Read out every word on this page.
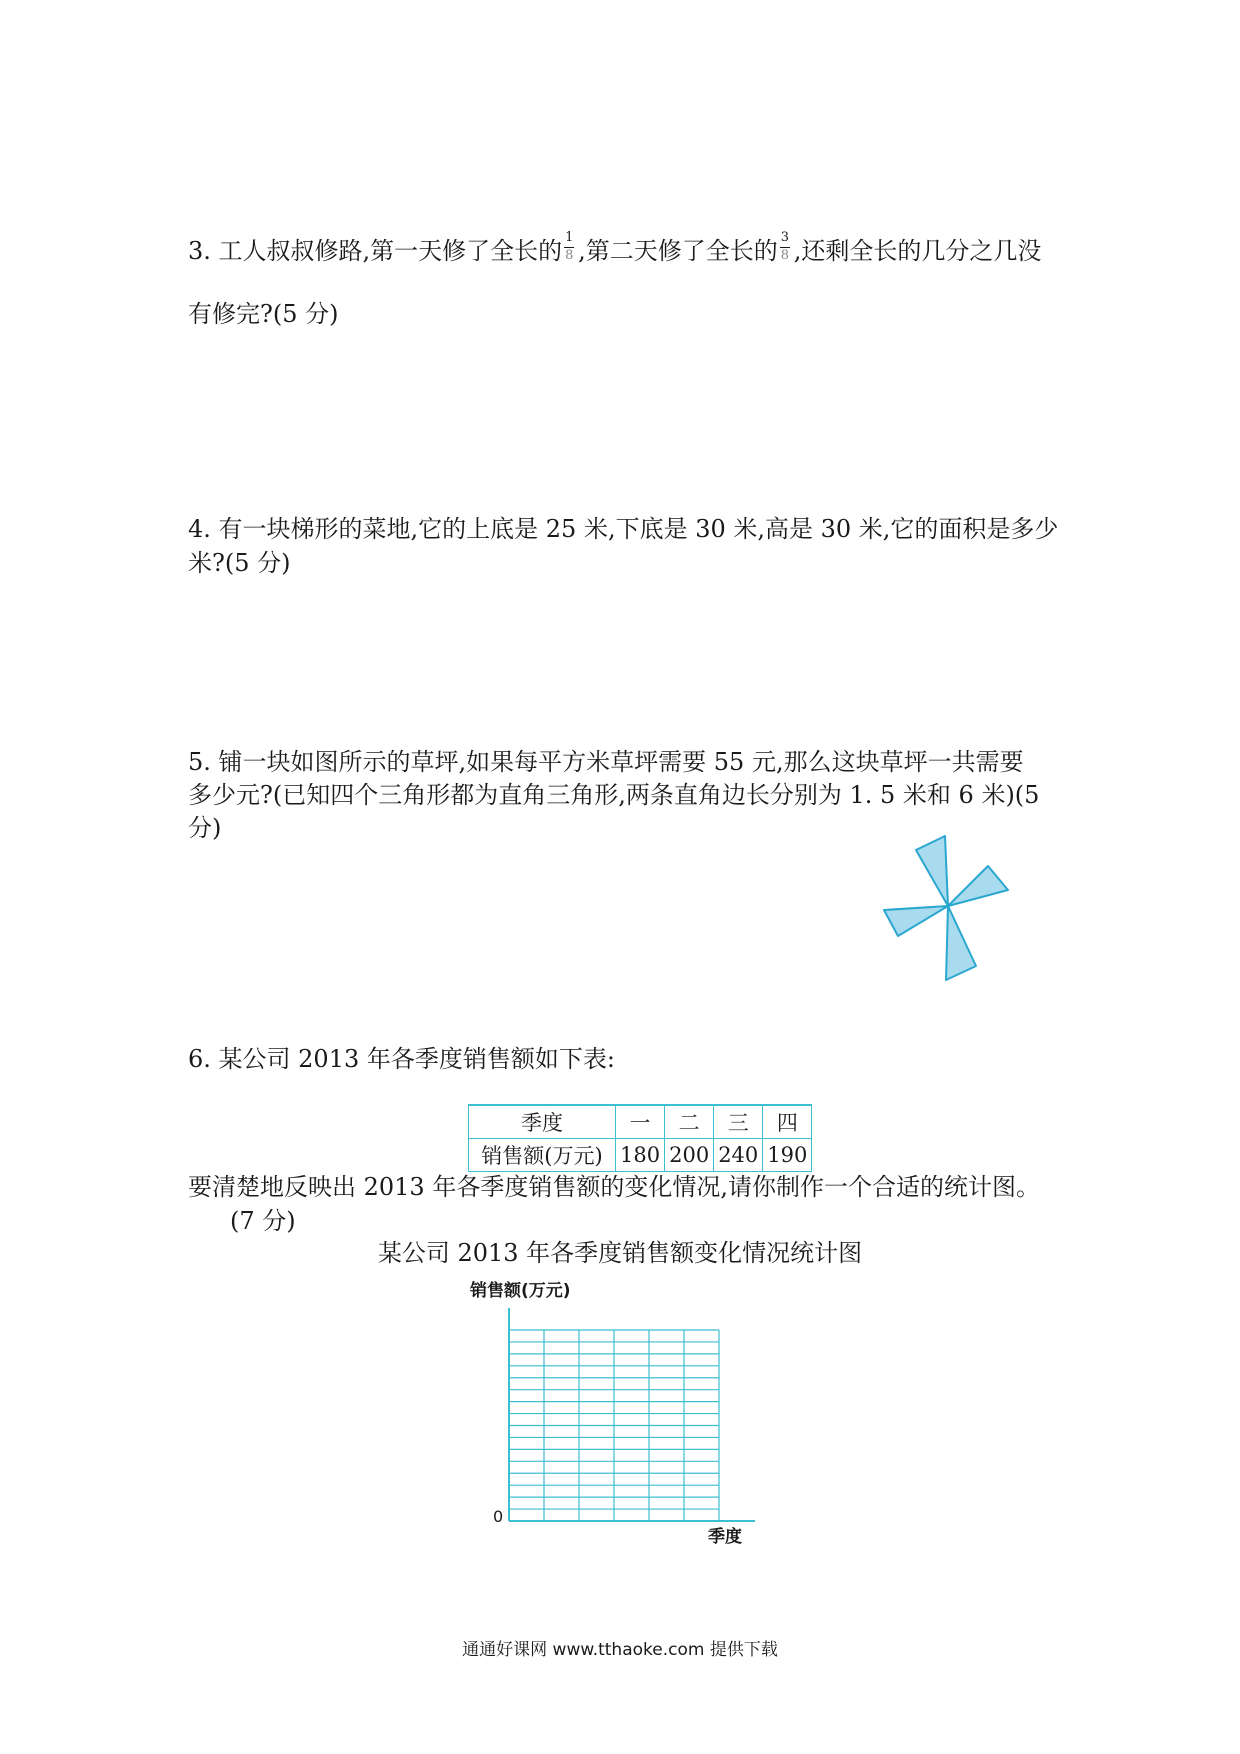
3. 工人叔叔修路,第一天修了全长的 $\frac{1}{8}$ ,第二天修了全长的 $\frac{3}{8}$ ,还剩全长的几分之几没
有修完?(5 分)
4. 有一块梯形的菜地,它的上底是 25 米,下底是 30 米,高是 30 米,它的面积是多少
米?(5 分)
5. 铺一块如图所示的草坪,如果每平方米草坪需要 55 元,那么这块草坪一共需要
多少元?(已知四个三角形都为直角三角形,两条直角边长分别为 1. 5 米和 6 米)(5
分)
6. 某公司 2013 年各季度销售额如下表:
季度	一	二	三	四
销售额(万元)	180	200	240	190
要清楚地反映出 2013 年各季度销售额的变化情况,请你制作一个合适的统计图。
(7 分)
某公司 2013 年各季度销售额变化情况统计图
销售额(万元)
0
季度
通通好课网 www.tthaoke.com 提供下载
